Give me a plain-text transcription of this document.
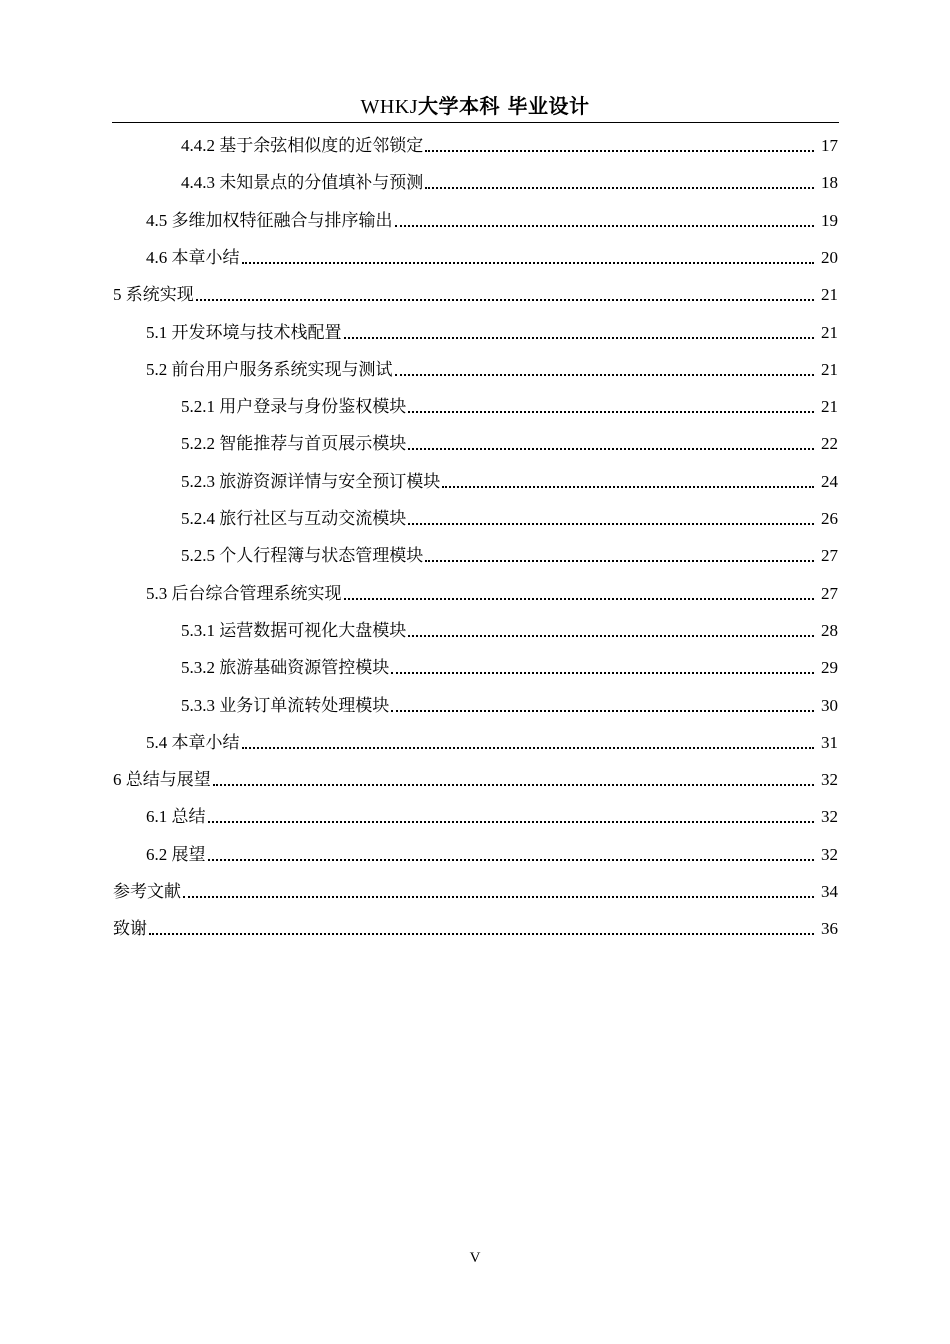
WHKJ大学本科 毕业设计
4.4.2 基于余弦相似度的近邻锁定	17
4.4.3 未知景点的分值填补与预测	18
4.5 多维加权特征融合与排序输出	19
4.6 本章小结	20
5 系统实现	21
5.1 开发环境与技术栈配置	21
5.2 前台用户服务系统实现与测试	21
5.2.1 用户登录与身份鉴权模块	21
5.2.2 智能推荐与首页展示模块	22
5.2.3 旅游资源详情与安全预订模块	24
5.2.4 旅行社区与互动交流模块	26
5.2.5 个人行程簿与状态管理模块	27
5.3 后台综合管理系统实现	27
5.3.1 运营数据可视化大盘模块	28
5.3.2 旅游基础资源管控模块	29
5.3.3 业务订单流转处理模块	30
5.4 本章小结	31
6 总结与展望	32
6.1 总结	32
6.2 展望	32
参考文献	34
致谢	36
V
